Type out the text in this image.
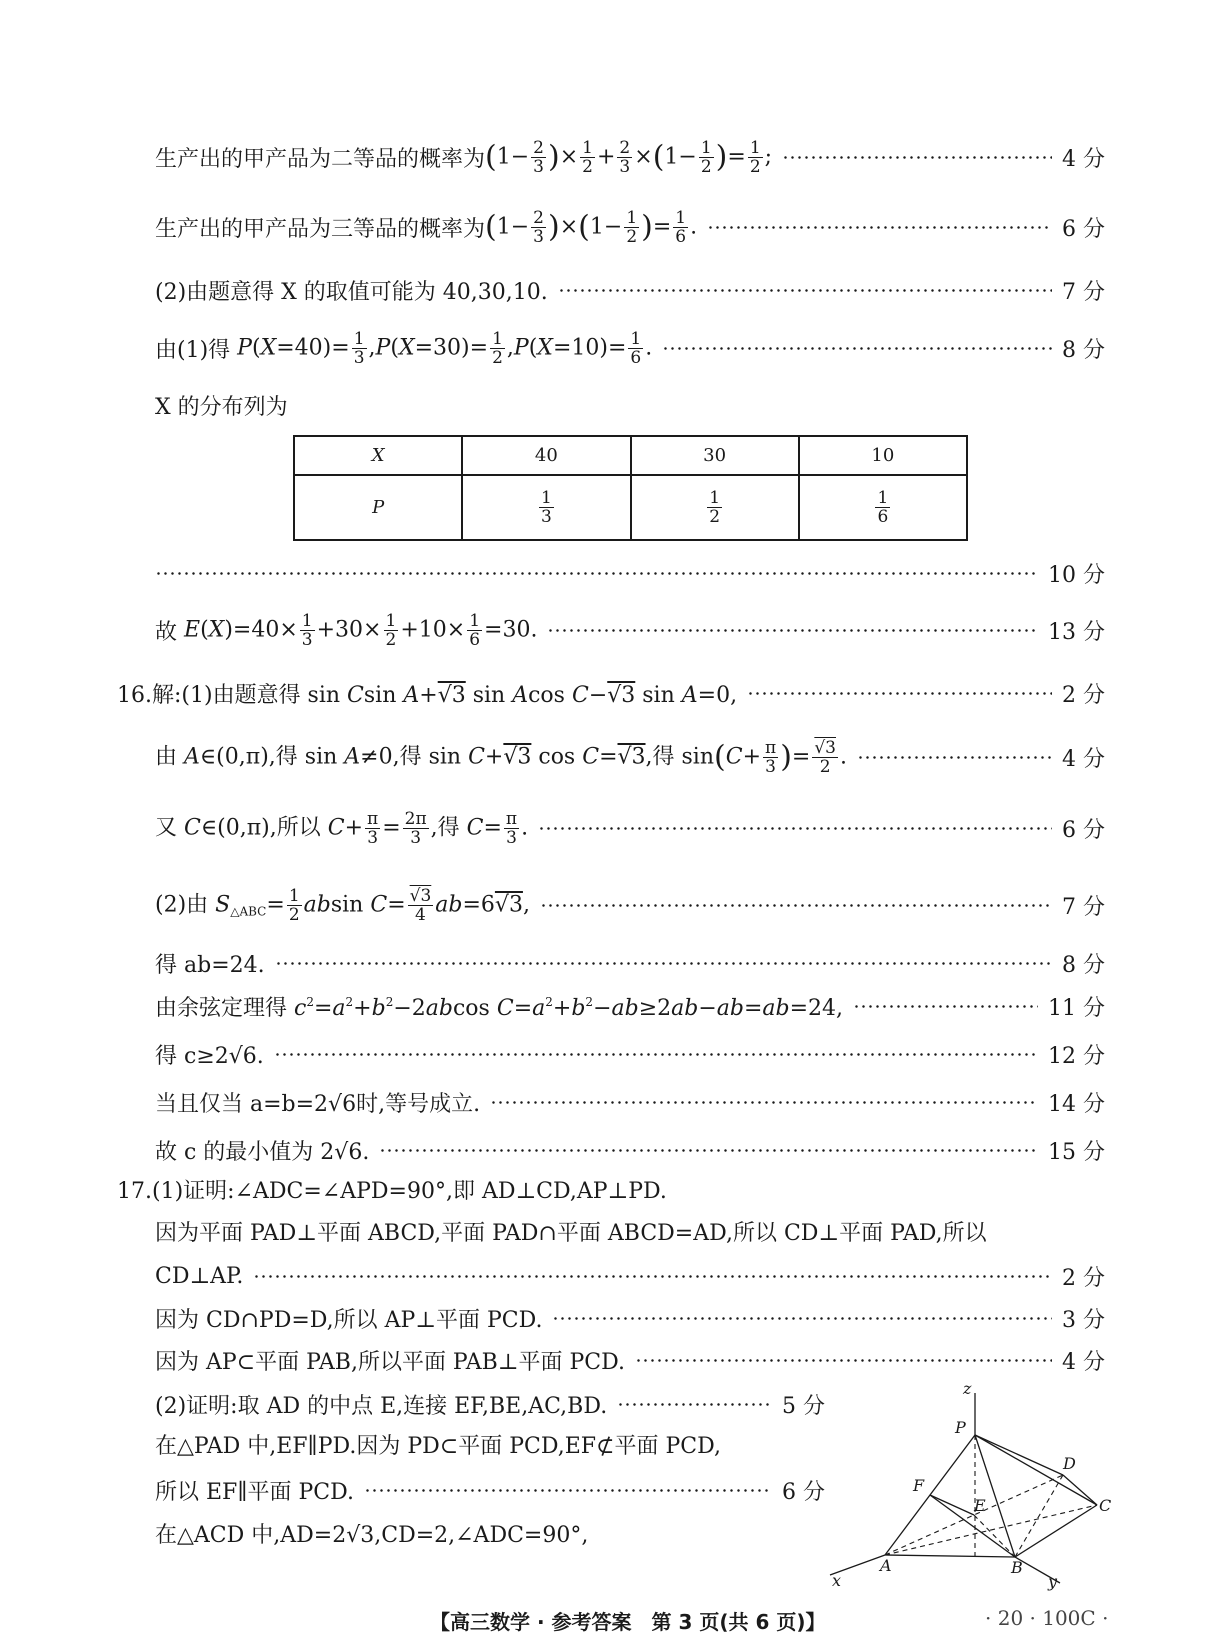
生产出的甲产品为二等品的概率为 ($1- \frac{2}{3}$ )× $\frac{1}{2} + \frac{2}{3} \times(1- \frac{1}{2}$ )= $\frac{1}{2}$ ;	4 分
生产出的甲产品为三等品的概率为 $(1- \frac{2}{3} )\times(1- \frac{1}{2}$ )= $\frac{1}{6}$ .	6 分
(2)由题意得 X 的取值可能为 40,30,10.	7 分
由(1)得 $P(X=40)= \frac{1}{3} ,P(X=30)= \frac{1}{2} ,P(X=10)= \frac{1}{6}$ .	8 分
X 的分布列为
X	40	30	10
P	$\frac{1}{3}$	$\frac{1}{2}$	$\frac{1}{6}$
10 分
故 $E(X)=40\times \frac{1}{3} +30\times \frac{1}{2} +10\times \frac{1}{6} =30$.	13 分
16.解:(1)由题意得 sin Csin A+√3 sin Acos C−√3 sin A=0,	2 分
由 A∈(0,π),得 sin A≠0,得 sin C+√3 cos C=√3,得 $\sin(C+ \frac{\pi}{3}$ )= $\frac{√3}{2}$ .	4 分
又 C∈(0,π),所以 $C+ \frac{\pi}{3} = \frac{2\pi}{3}$ ,得 $C= \frac{\pi}{3}$ .	6 分
(2)由 $S_{\triangle ABC}= \frac{1}{2}$ absin $C= \frac{√3}{4} ab=6√3$,	7 分
得 ab=24.	8 分
由余弦定理得 $c^2=a^2+b^2-2abcos$ $C=a^2+b^2-ab\ge 2ab-ab=ab=24$,	11 分
得 c≥2√6.	12 分
当且仅当 a=b=2√6时,等号成立.	14 分
故 c 的最小值为 2√6.	15 分
17.(1)证明:∠ADC=∠APD=90°,即 AD⊥CD,AP⊥PD.
因为平面 PAD⊥平面 ABCD,平面 PAD∩平面 ABCD=AD,所以 CD⊥平面 PAD,所以
CD⊥AP.	2 分
因为 CD∩PD=D,所以 AP⊥平面 PCD.	3 分
因为 AP⊂平面 PAB,所以平面 PAB⊥平面 PCD.	4 分
(2)证明:取 AD 的中点 E,连接 EF,BE,AC,BD.	5 分
在△PAD 中,EF∥PD.因为 PD⊂平面 PCD,EF⊄平面 PCD,
所以 EF∥平面 PCD.	6 分
在△ACD 中,AD=2√3,CD=2,∠ADC=90°,
z
P
D
F
E	C
A	B
x	y
【高三数学 · 参考答案　第 3 页(共 6 页)】	· 20 · 100C ·
